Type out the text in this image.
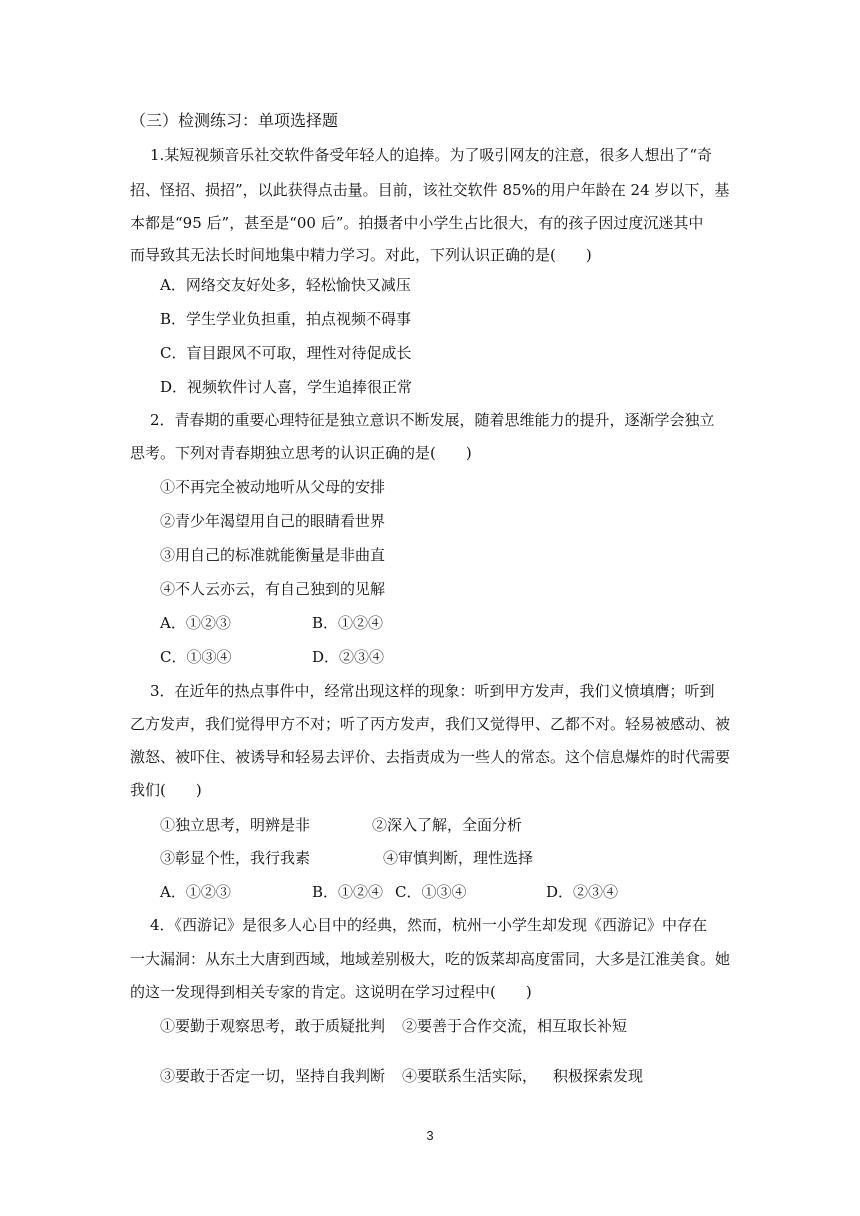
（三）检测练习：单项选择题
1.某短视频音乐社交软件备受年轻人的追捧。为了吸引网友的注意，很多人想出了“奇
招、怪招、损招”，以此获得点击量。目前，该社交软件 85%的用户年龄在 24 岁以下，基
本都是“95 后”，甚至是“00 后”。拍摄者中小学生占比很大，有的孩子因过度沉迷其中
而导致其无法长时间地集中精力学习。对此，下列认识正确的是(　　)
A．网络交友好处多，轻松愉快又减压
B．学生学业负担重，拍点视频不碍事
C．盲目跟风不可取，理性对待促成长
D．视频软件讨人喜，学生追捧很正常
2．青春期的重要心理特征是独立意识不断发展，随着思维能力的提升，逐渐学会独立
思考。下列对青春期独立思考的认识正确的是(　　)
①不再完全被动地听从父母的安排
②青少年渴望用自己的眼睛看世界
③用自己的标准就能衡量是非曲直
④不人云亦云，有自己独到的见解
A．①②③	B．①②④
C．①③④	D．②③④
3．在近年的热点事件中，经常出现这样的现象：听到甲方发声，我们义愤填膺；听到
乙方发声，我们觉得甲方不对；听了丙方发声，我们又觉得甲、乙都不对。轻易被感动、被
激怒、被吓住、被诱导和轻易去评价、去指责成为一些人的常态。这个信息爆炸的时代需要
我们(　　)
①独立思考，明辨是非	②深入了解，全面分析
③彰显个性，我行我素	④审慎判断，理性选择
A．①②③	B．①②④ C．①③④	D．②③④
4．《西游记》是很多人心目中的经典，然而，杭州一小学生却发现《西游记》中存在
一大漏洞：从东土大唐到西域，地域差别极大，吃的饭菜却高度雷同，大多是江淮美食。她
的这一发现得到相关专家的肯定。这说明在学习过程中(　　)
①要勤于观察思考，敢于质疑批判 ②要善于合作交流，相互取长补短
③要敢于否定一切，坚持自我判断 ④要联系生活实际， 积极探索发现
3
